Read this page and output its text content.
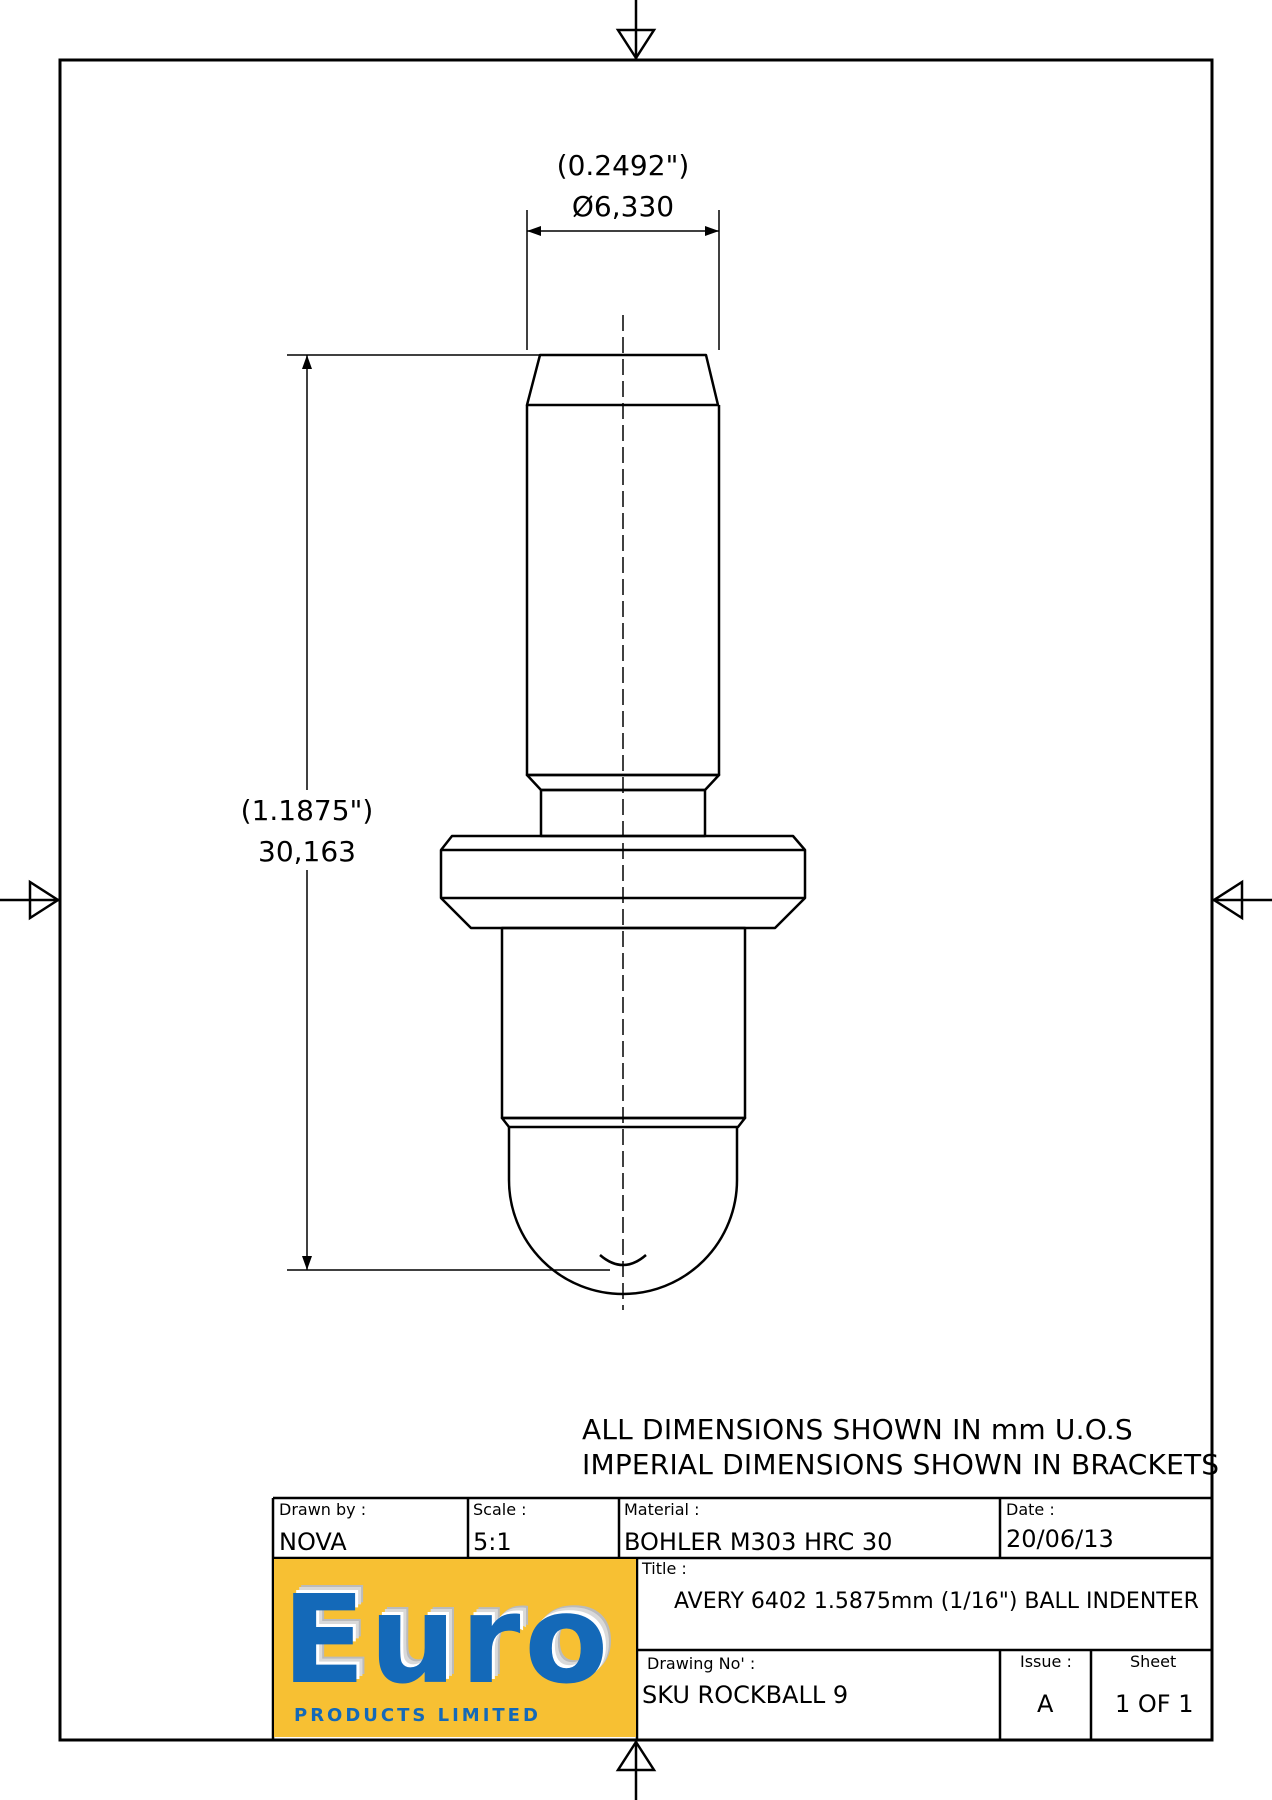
(0.2492")
Ø6,330
(1.1875")
30,163
ALL DIMENSIONS SHOWN IN mm U.O.S
IMPERIAL DIMENSIONS SHOWN IN BRACKETS
Drawn by :
NOVA
Scale :
5:1
Material :
BOHLER M303 HRC 30
Date :
20/06/13
Title :
AVERY 6402 1.5875mm (1/16") BALL INDENTER
Drawing No' :
SKU ROCKBALL 9
Issue :
A
Sheet
1 OF 1
Euro
PRODUCTS LIMITED
